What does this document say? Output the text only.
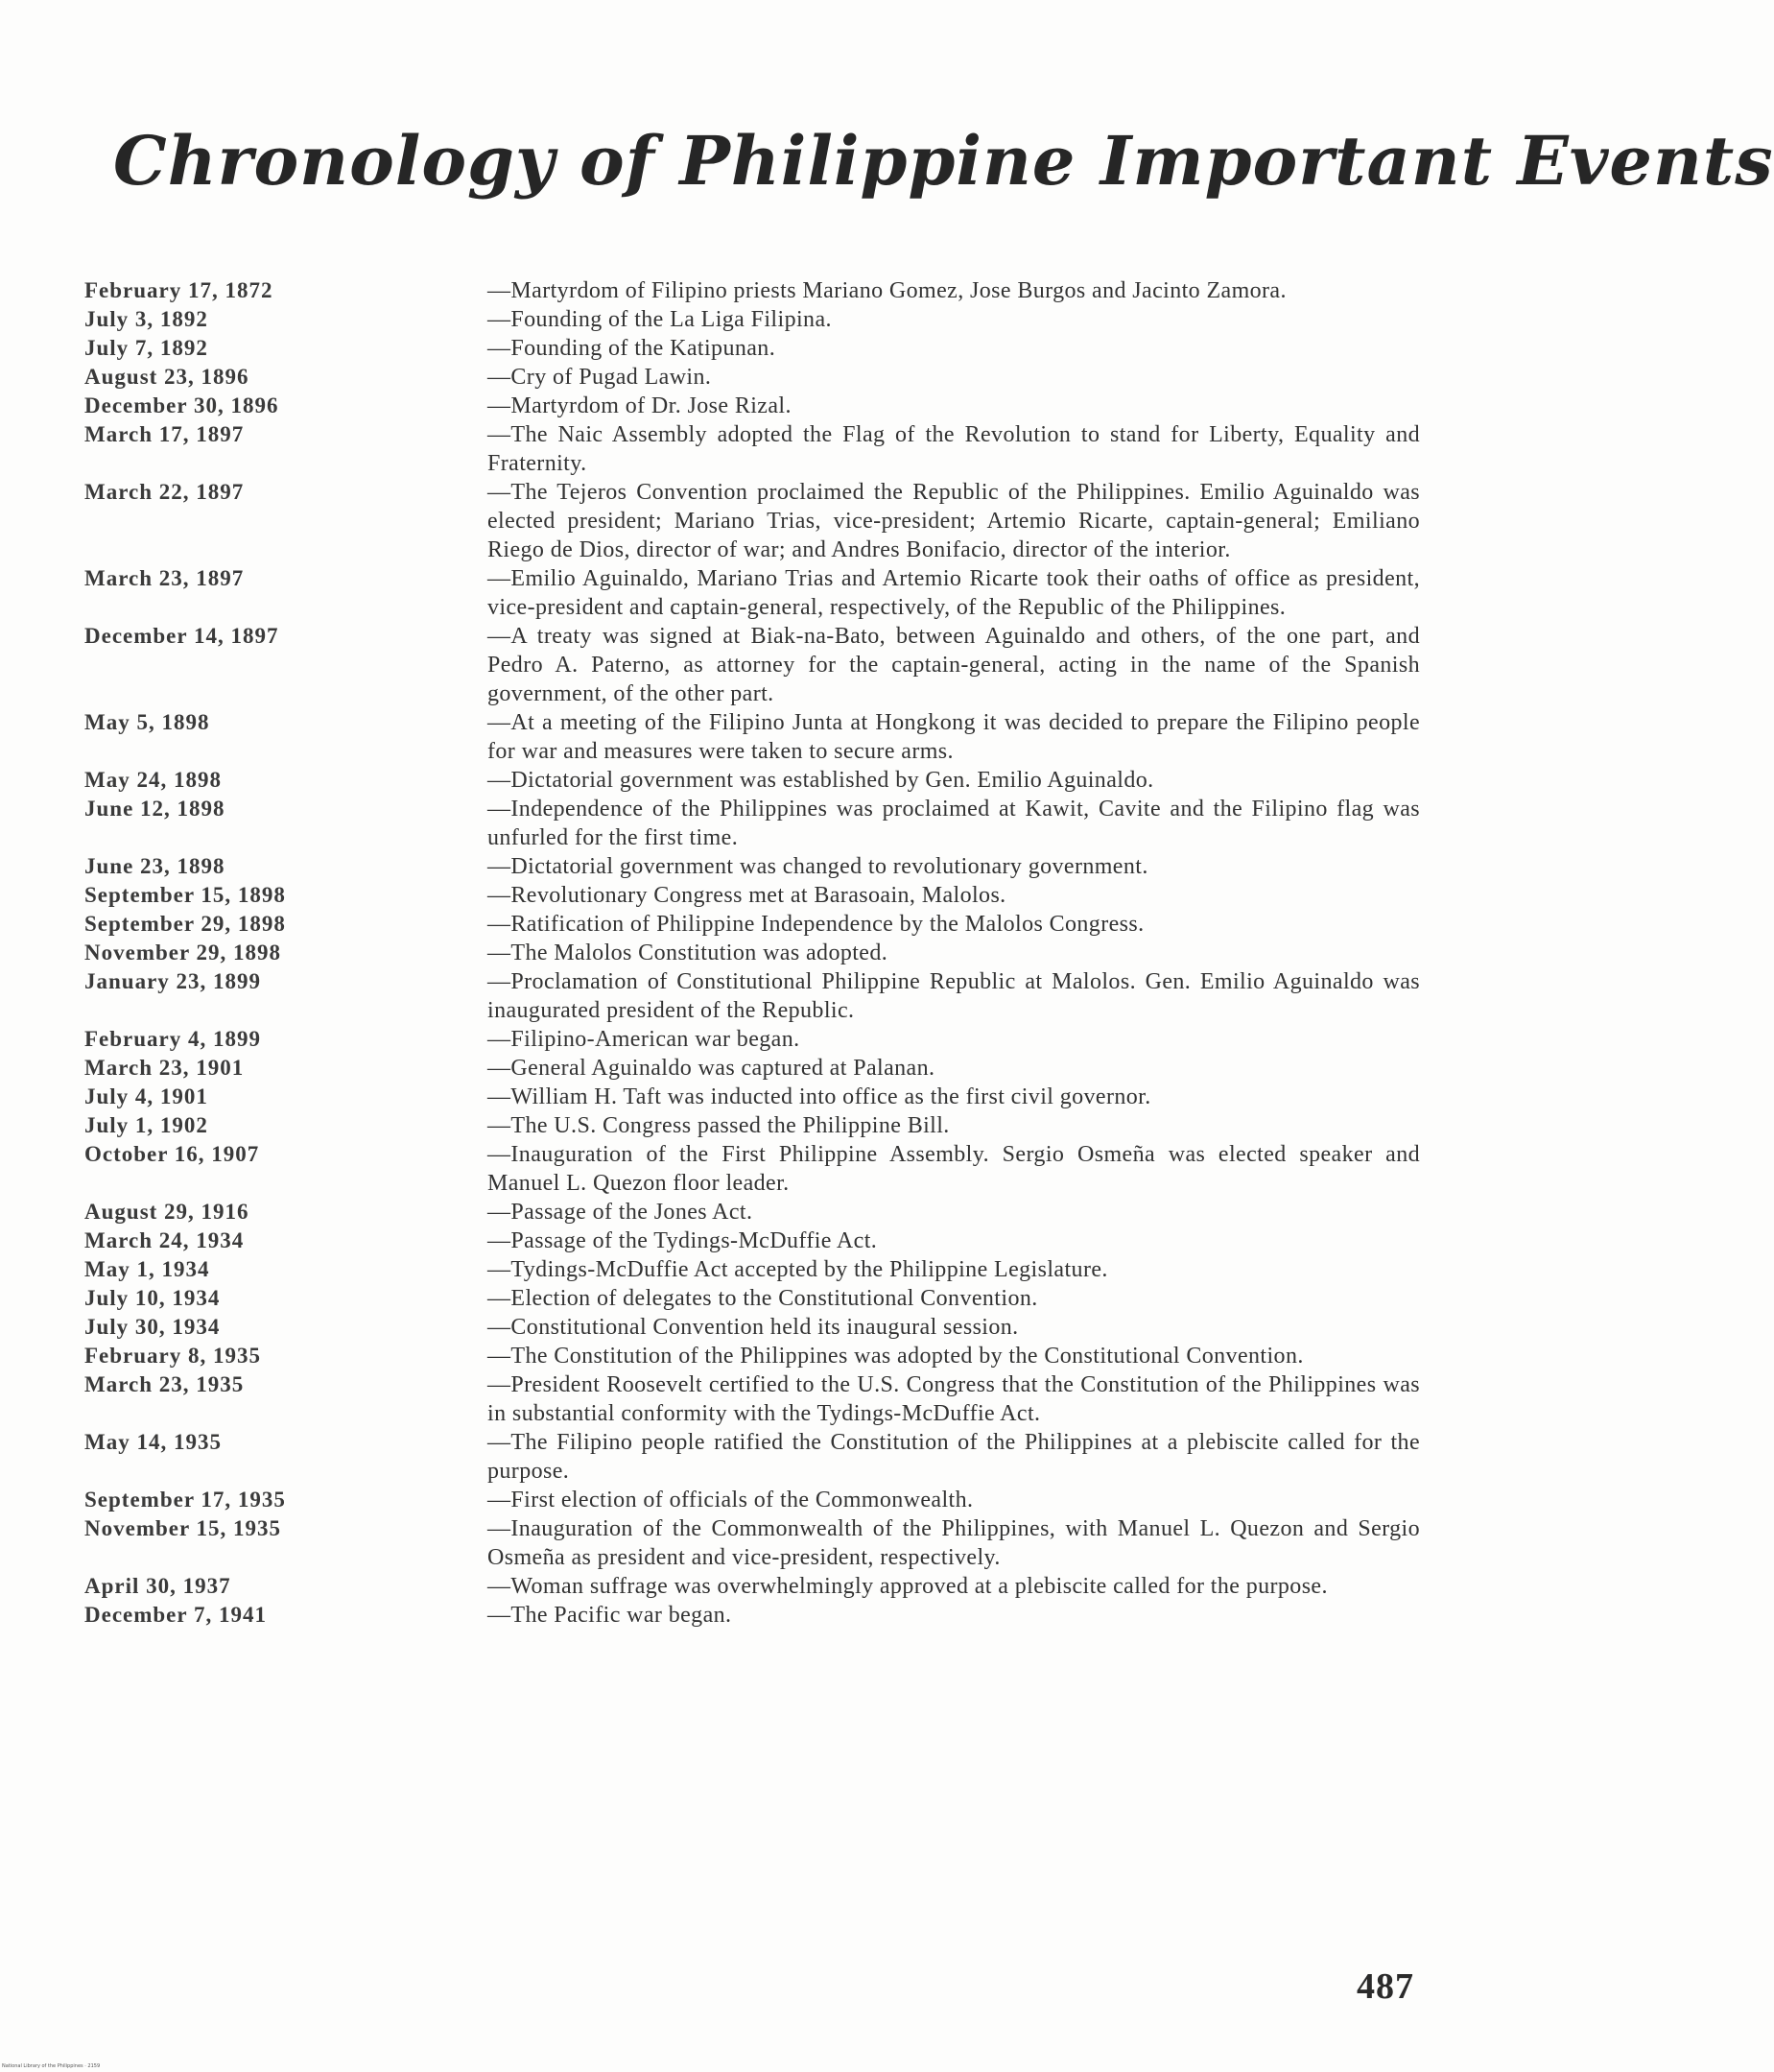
Chronology of Philippine Important Events
February 17, 1872	—Martyrdom of Filipino priests Mariano Gomez, Jose Burgos and Jacinto Zamora.
July 3, 1892	—Founding of the La Liga Filipina.
July 7, 1892	—Founding of the Katipunan.
August 23, 1896	—Cry of Pugad Lawin.
December 30, 1896	—Martyrdom of Dr. Jose Rizal.
March 17, 1897	—The Naic Assembly adopted the Flag of the Revolution to stand for Liberty, Equality and Fraternity.
March 22, 1897	—The Tejeros Convention proclaimed the Republic of the Philippines. Emilio Aguinaldo was elected president; Mariano Trias, vice-president; Artemio Ricarte, captain-general; Emiliano Riego de Dios, director of war; and Andres Bonifacio, director of the interior.
March 23, 1897	—Emilio Aguinaldo, Mariano Trias and Artemio Ricarte took their oaths of office as president, vice-president and captain-general, respectively, of the Republic of the Philippines.
December 14, 1897	—A treaty was signed at Biak-na-Bato, between Aguinaldo and others, of the one part, and Pedro A. Paterno, as attorney for the captain-general, acting in the name of the Spanish government, of the other part.
May 5, 1898	—At a meeting of the Filipino Junta at Hongkong it was decided to prepare the Filipino people for war and measures were taken to secure arms.
May 24, 1898	—Dictatorial government was established by Gen. Emilio Aguinaldo.
June 12, 1898	—Independence of the Philippines was proclaimed at Kawit, Cavite and the Filipino flag was unfurled for the first time.
June 23, 1898	—Dictatorial government was changed to revolutionary government.
September 15, 1898	—Revolutionary Congress met at Barasoain, Malolos.
September 29, 1898	—Ratification of Philippine Independence by the Malolos Congress.
November 29, 1898	—The Malolos Constitution was adopted.
January 23, 1899	—Proclamation of Constitutional Philippine Republic at Malolos. Gen. Emilio Aguinaldo was inaugurated president of the Republic.
February 4, 1899	—Filipino-American war began.
March 23, 1901	—General Aguinaldo was captured at Palanan.
July 4, 1901	—William H. Taft was inducted into office as the first civil governor.
July 1, 1902	—The U.S. Congress passed the Philippine Bill.
October 16, 1907	—Inauguration of the First Philippine Assembly. Sergio Osmeña was elected speaker and Manuel L. Quezon floor leader.
August 29, 1916	—Passage of the Jones Act.
March 24, 1934	—Passage of the Tydings-McDuffie Act.
May 1, 1934	—Tydings-McDuffie Act accepted by the Philippine Legislature.
July 10, 1934	—Election of delegates to the Constitutional Convention.
July 30, 1934	—Constitutional Convention held its inaugural session.
February 8, 1935	—The Constitution of the Philippines was adopted by the Constitutional Convention.
March 23, 1935	—President Roosevelt certified to the U.S. Congress that the Constitution of the Philippines was in substantial conformity with the Tydings-McDuffie Act.
May 14, 1935	—The Filipino people ratified the Constitution of the Philippines at a plebiscite called for the purpose.
September 17, 1935	—First election of officials of the Commonwealth.
November 15, 1935	—Inauguration of the Commonwealth of the Philippines, with Manuel L. Quezon and Sergio Osmeña as president and vice-president, respectively.
April 30, 1937	—Woman suffrage was overwhelmingly approved at a plebiscite called for the purpose.
December 7, 1941	—The Pacific war began.
487
National Library of the Philippines · 2159
